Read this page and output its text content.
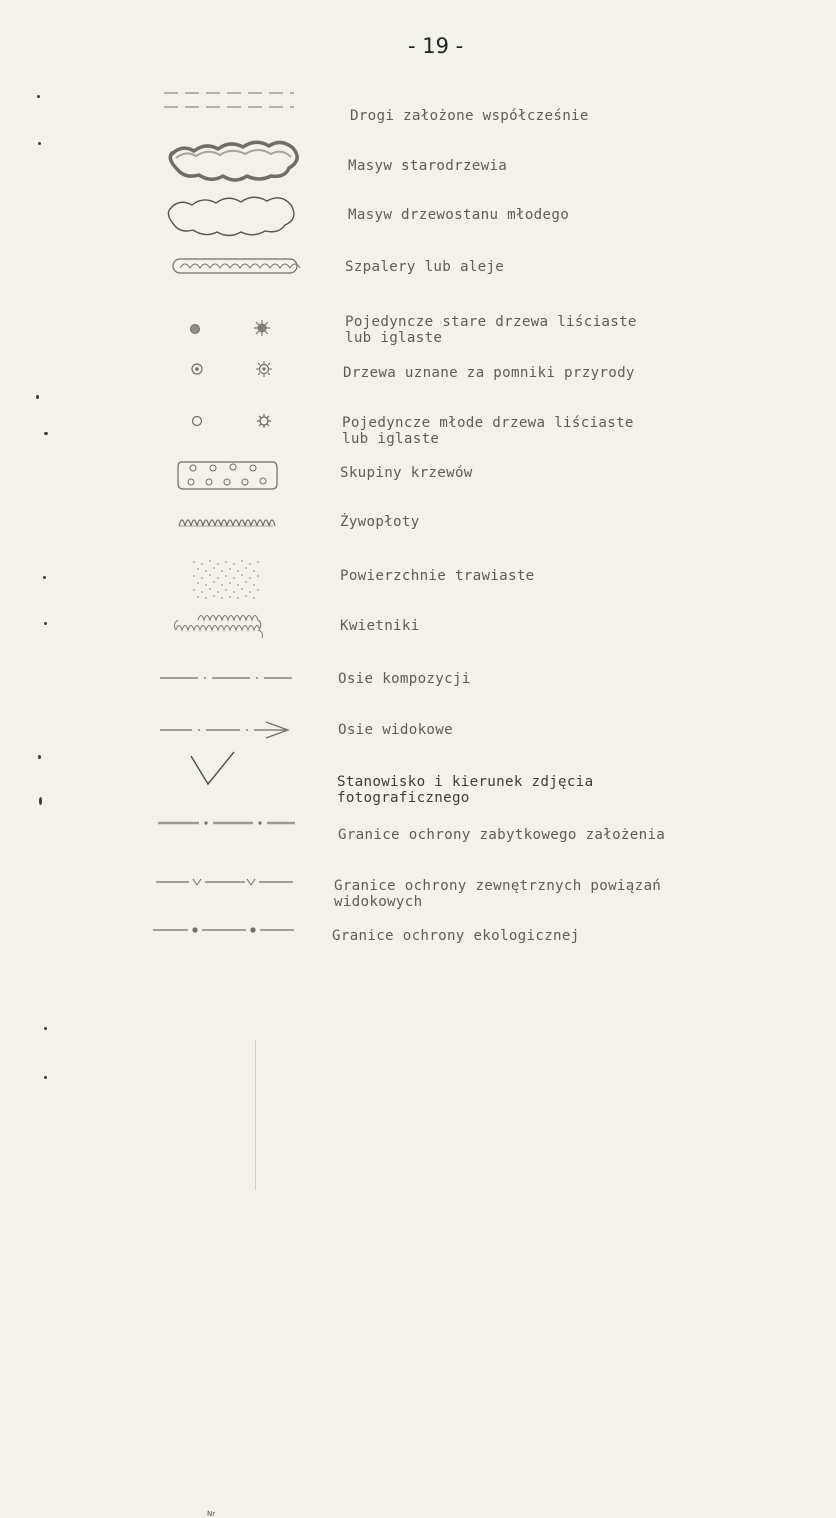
- 19 -
Drogi założone współcześnie
Masyw starodrzewia
Masyw drzewostanu młodego
Szpalery lub aleje
Pojedyncze stare drzewa liściaste
lub iglaste
Drzewa uznane za pomniki przyrody
Pojedyncze młode drzewa liściaste
lub iglaste
Skupiny krzewów
Żywopłoty
Powierzchnie trawiaste
Kwietniki
Osie kompozycji
Osie widokowe
Nr
Stanowisko i kierunek zdjęcia
fotograficznego
Granice ochrony zabytkowego założenia
Granice ochrony zewnętrznych powiązań
widokowych
Granice ochrony ekologicznej
